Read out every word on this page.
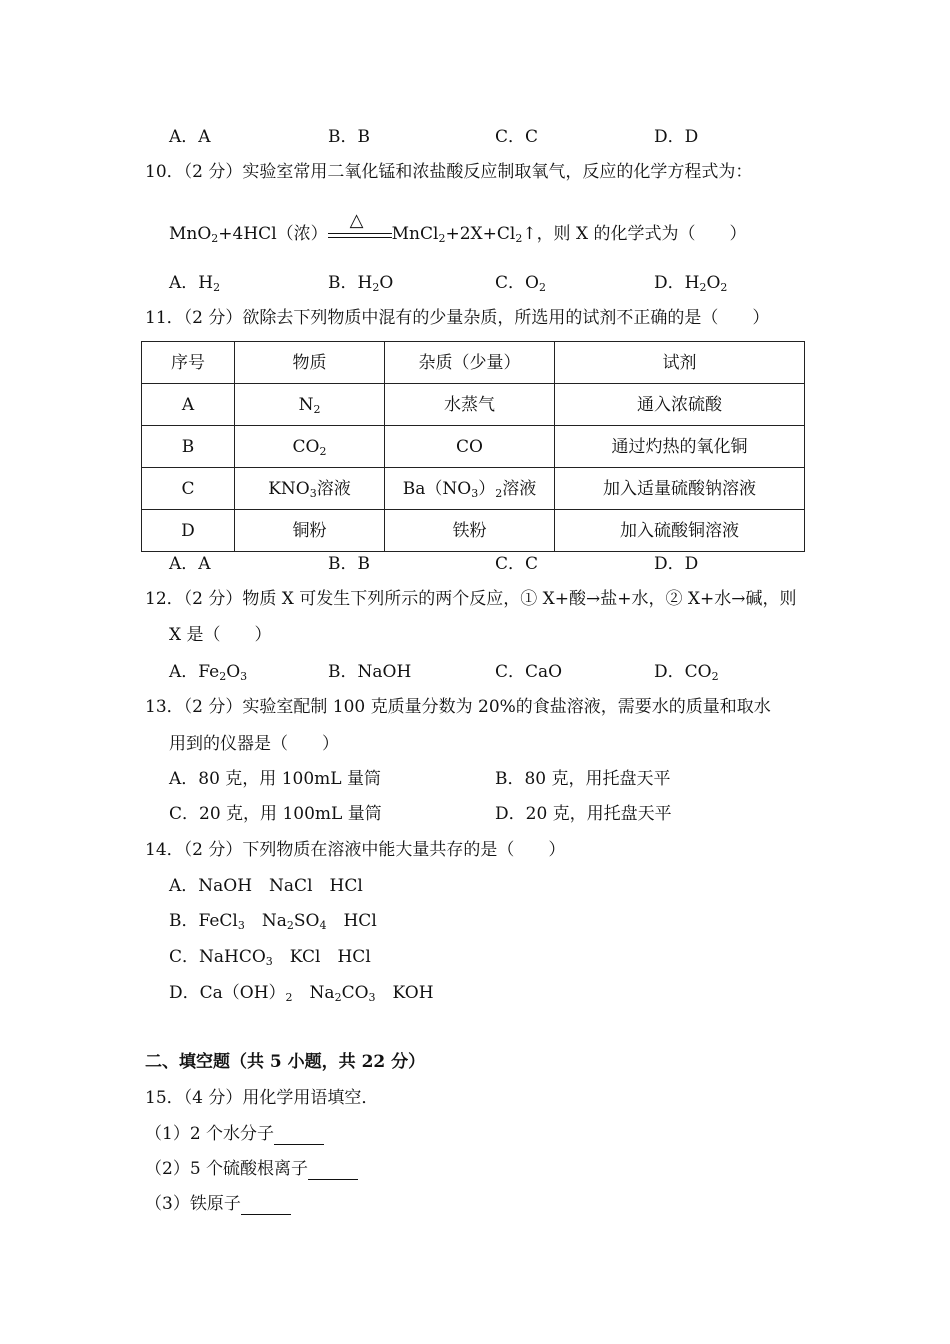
A．A	B．B	C．C	D．D
10．（2 分）实验室常用二氧化锰和浓盐酸反应制取氧气，反应的化学方程式为：
MnO$_2$+4HCl（浓）
△
$MnCl_2+2X+Cl_2↑$，则 X 的化学式为（　　）
A．$H_2$	B．$H_2O$	C．$O_2$	D．$H_2O_2$
11．（2 分）欲除去下列物质中混有的少量杂质，所选用的试剂不正确的是（　　）
序号	物质	杂质（少量）	试剂
A	$N_2$	水蒸气	通入浓硫酸
B	$CO_2$	CO	通过灼热的氧化铜
C	$KNO_3$溶液	$Ba(NO_3)_2$溶液	加入适量硫酸钠溶液
D	铜粉	铁粉	加入硫酸铜溶液
A．A	B．B	C．C	D．D
12．（2 分）物质 X 可发生下列所示的两个反应，① X+酸→盐+水，② X+水→碱，则
X 是（　　）
A．$Fe_2O_3$	B．NaOH	C．CaO	D．$CO_2$
13．（2 分）实验室配制 100 克质量分数为 20%的食盐溶液，需要水的质量和取水
用到的仪器是（　　）
A．80 克，用 100mL 量筒	B．80 克，用托盘天平
C．20 克，用 100mL 量筒	D．20 克，用托盘天平
14．（2 分）下列物质在溶液中能大量共存的是（　　）
A．NaOH　NaCl　HCl
B．FeCl$_3$　$Na_2SO_4$　HCl
C．NaHCO$_3$　KCl　HCl
D．$Ca(OH)_2$　$Na_2CO_3$　KOH
二、填空题（共 5 小题，共 22 分）
15．（4 分）用化学用语填空．
（1）2 个水分子
（2）5 个硫酸根离子
（3）铁原子
